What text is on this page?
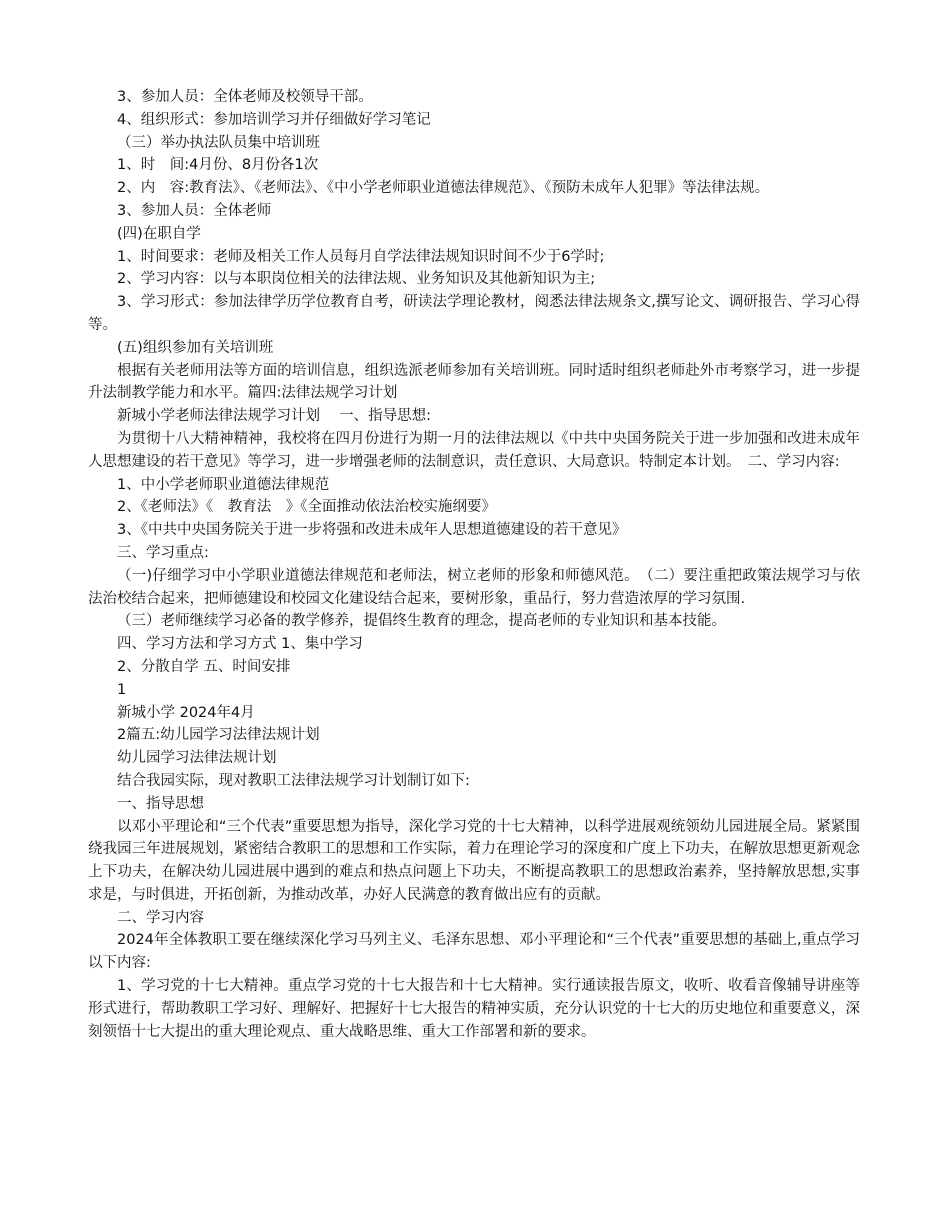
3、参加人员：全体老师及校领导干部。

4、组织形式：参加培训学习并仔细做好学习笔记

（三）举办执法队员集中培训班

1、时　间:4月份、8月份各1次

2、内　容:教育法》、《老师法》、《中小学老师职业道德法律规范》、《预防未成年人犯罪》等法律法规。

3、参加人员：全体老师

(四)在职自学

1、时间要求：老师及相关工作人员每月自学法律法规知识时间不少于6学时;

2、学习内容：以与本职岗位相关的法律法规、业务知识及其他新知识为主;

3、学习形式：参加法律学历学位教育自考，研读法学理论教材，阅悉法律法规条文,撰写论文、调研报告、学习心得等。

(五)组织参加有关培训班

根据有关老师用法等方面的培训信息，组织选派老师参加有关培训班。同时适时组织老师赴外市考察学习，进一步提升法制教学能力和水平。篇四:法律法规学习计划

新城小学老师法律法规学习计划　 一、指导思想:

为贯彻十八大精神精神，我校将在四月份进行为期一月的法律法规以《中共中央国务院关于进一步加强和改进未成年人思想建设的若干意见》等学习，进一步增强老师的法制意识，责任意识、大局意识。特制定本计划。　二、学习内容:

1、中小学老师职业道德法律规范

2、《老师法》《　教育法　》《全面推动依法治校实施纲要》

3、《中共中央国务院关于进一步将强和改进未成年人思想道德建设的若干意见》

三、学习重点:

（一)仔细学习中小学职业道德法律规范和老师法，树立老师的形象和师德风范。　（二）要注重把政策法规学习与依法治校结合起来，把师德建设和校园文化建设结合起来，要树形象，重品行，努力营造浓厚的学习氛围.

（三）老师继续学习必备的教学修养，提倡终生教育的理念，提高老师的专业知识和基本技能。

四、学习方法和学习方式 1、集中学习

2、分散自学 五、时间安排

1

新城小学 2024年4月

2篇五:幼儿园学习法律法规计划

幼儿园学习法律法规计划

结合我园实际，现对教职工法律法规学习计划制订如下:

一、指导思想

以邓小平理论和“三个代表”重要思想为指导，深化学习党的十七大精神，以科学进展观统领幼儿园进展全局。紧紧围绕我园三年进展规划，紧密结合教职工的思想和工作实际，着力在理论学习的深度和广度上下功夫，在解放思想更新观念上下功夫，在解决幼儿园进展中遇到的难点和热点问题上下功夫，不断提高教职工的思想政治素养，坚持解放思想,实事求是，与时俱进，开拓创新，为推动改革，办好人民满意的教育做出应有的贡献。

二、学习内容

2024年全体教职工要在继续深化学习马列主义、毛泽东思想、邓小平理论和“三个代表”重要思想的基础上,重点学习以下内容:

1、学习党的十七大精神。重点学习党的十七大报告和十七大精神。实行通读报告原文，收听、收看音像辅导讲座等形式进行，帮助教职工学习好、理解好、把握好十七大报告的精神实质，充分认识党的十七大的历史地位和重要意义，深刻领悟十七大提出的重大理论观点、重大战略思维、重大工作部署和新的要求。
